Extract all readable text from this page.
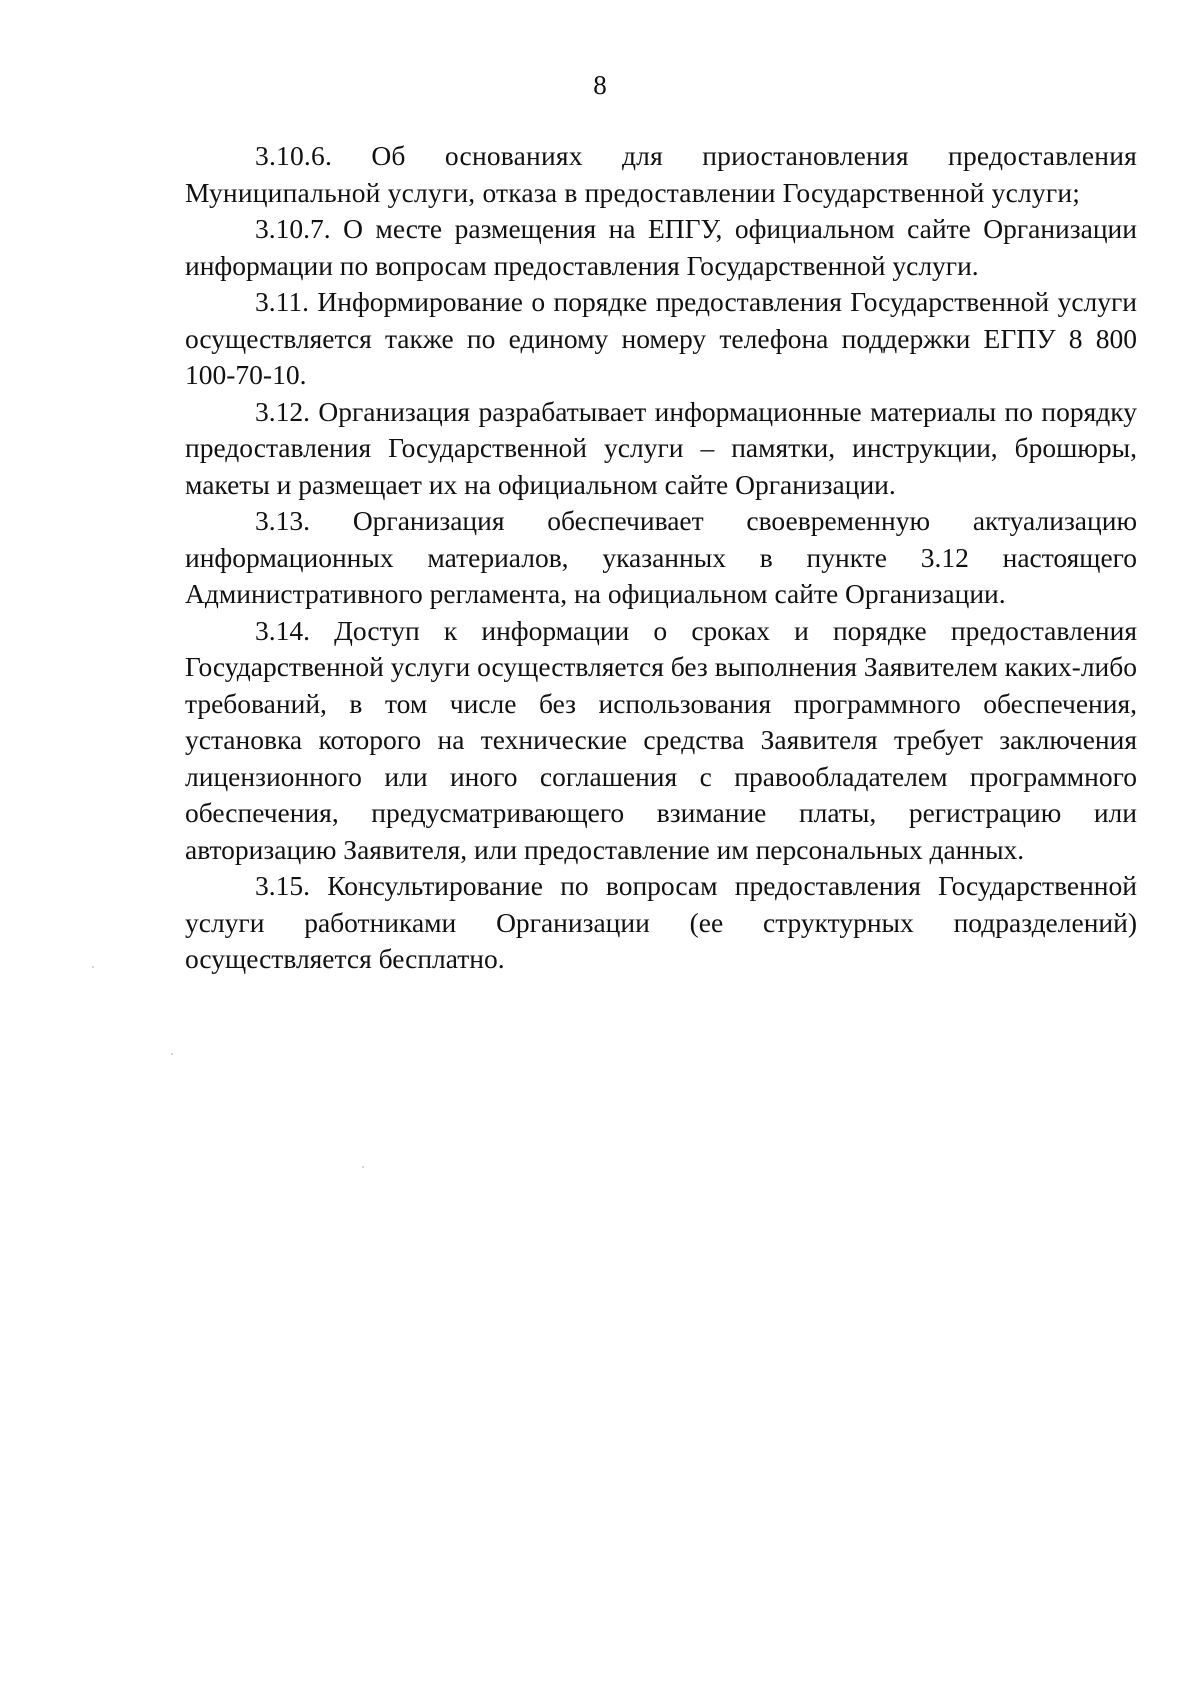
8

3.10.6. Об основаниях для приостановления предоставления Муниципальной услуги, отказа в предоставлении Государственной услуги;

3.10.7. О месте размещения на ЕПГУ, официальном сайте Организации информации по вопросам предоставления Государственной услуги.

3.11. Информирование о порядке предоставления Государственной услуги осуществляется также по единому номеру телефона поддержки ЕГПУ 8 800 100-70-10.

3.12. Организация разрабатывает информационные материалы по порядку предоставления Государственной услуги – памятки, инструкции, брошюры, макеты и размещает их на официальном сайте Организации.

3.13. Организация обеспечивает своевременную актуализацию информационных материалов, указанных в пункте 3.12 настоящего Административного регламента, на официальном сайте Организации.

3.14. Доступ к информации о сроках и порядке предоставления Государственной услуги осуществляется без выполнения Заявителем каких-либо требований, в том числе без использования программного обеспечения, установка которого на технические средства Заявителя требует заключения лицензионного или иного соглашения с правообладателем программного обеспечения, предусматривающего взимание платы, регистрацию или авторизацию Заявителя, или предоставление им персональных данных.

3.15. Консультирование по вопросам предоставления Государственной услуги работниками Организации (ее структурных подразделений) осуществляется бесплатно.
